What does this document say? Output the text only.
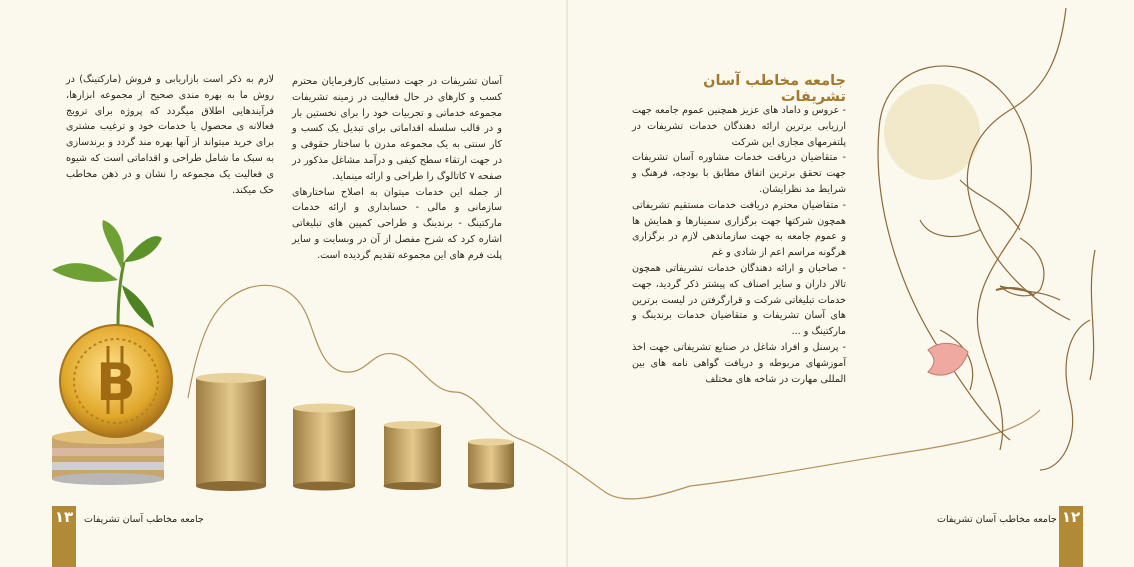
B
جامعه مخاطب آسان تشریفات

- عروس و داماد های عزیز همچنین عموم جامعه جهت ارزیابی برترین ارائه دهندگان خدمات تشریفات در پلتفرمهای مجازی این شرکت

- متقاضیان دریافت خدمات مشاوره آسان تشریفات جهت تحقق برترین اتفاق مطابق با بودجه، فرهنگ و شرایط مد نظرایشان.

- متقاضیان محترم دریافت خدمات مستقیم تشریفاتی همچون شرکتها جهت برگزاری سمینارها و همایش ها و عموم جامعه به جهت سازماندهی لازم در برگزاری هرگونه مراسم اعم از شادی و غم

- صاحبان و ارائه دهندگان خدمات تشریفاتی همچون تالار داران و سایر اصناف که پیشتر ذکر گردید، جهت خدمات تبلیغاتی شرکت و قرارگرفتن در لیست برترین های آسان تشریفات و متقاضیان خدمات برندینگ و مارکتینگ و ...

- پرسنل و افراد شاغل در صنایع تشریفاتی جهت اخذ آموزشهای مربوطه و دریافت گواهی نامه های بین المللی مهارت در شاخه های مختلف

آسان تشریفات در جهت دستیابی کارفرمایان محترم کسب و کارهای در حال فعالیت در زمینه تشریفات مجموعه خدماتی و تجربیات خود را برای نخستین بار و در قالب سلسله اقداماتی برای تبدیل یک کسب و کار سنتی به یک مجموعه مدرن با ساختار حقوقی و در جهت ارتقاء سطح کیفی و درآمد مشاغل مذکور در صفحه ۷ کاتالوگ را طراحی و ارائه مینماید.

از جمله این خدمات میتوان به اصلاح ساختارهای سازمانی و مالی - حسابداری و ارائه خدمات مارکتینگ - برندینگ و طراحی کمپین های تبلیغاتی اشاره کرد که شرح مفصل از آن در وبسایت و سایر پلت فرم های این مجموعه تقدیم گردیده است.

لازم به ذکر است بازاریابی و فروش (مارکتینگ) در روش ما به بهره مندی صحیح از مجموعه ابزارها، فرآیندهایی اطلاق میگردد که پروژه برای ترویج فعالانه ی محصول یا خدمات خود و ترغیب مشتری برای خرید میتواند از آنها بهره مند گردد و برندسازی به سبک ما شامل طراحی و اقداماتی است که شیوه ی فعالیت یک مجموعه را نشان و در ذهن مخاطب حک میکند.

۱۳ جامعه مخاطب آسان تشریفات	۱۲
جامعه مخاطب آسان تشریفات
